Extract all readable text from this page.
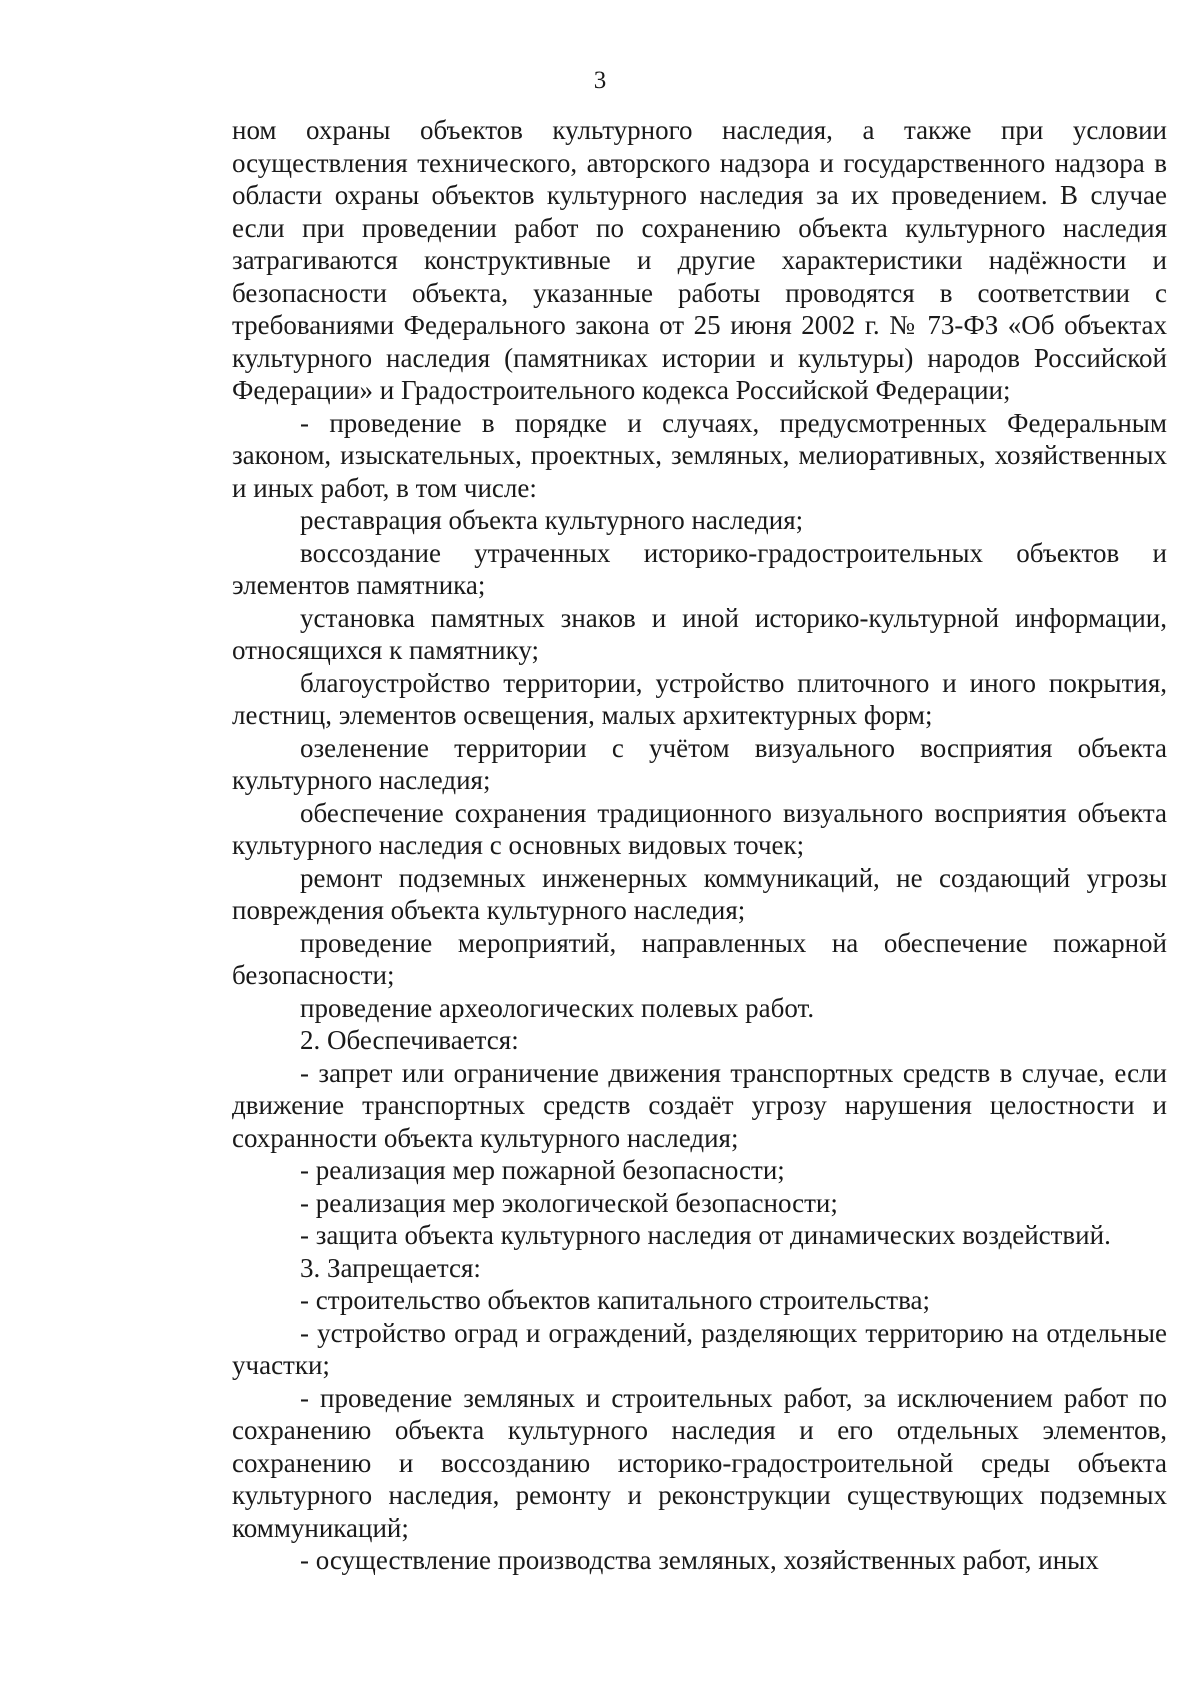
3

ном охраны объектов культурного наследия, а также при условии осуществления технического, авторского надзора и государственного надзора в области охраны объектов культурного наследия за их проведением. В случае если при проведении работ по сохранению объекта культурного наследия затрагиваются конструктивные и другие характеристики надёжности и безопасности объекта, указанные работы проводятся в соответствии с требованиями Федерального закона от 25 июня 2002 г. № 73-ФЗ «Об объектах культурного наследия (памятниках истории и культуры) народов Российской Федерации» и Градостроительного кодекса Российской Федерации;

- проведение в порядке и случаях, предусмотренных Федеральным законом, изыскательных, проектных, земляных, мелиоративных, хозяйственных и иных работ, в том числе:

реставрация объекта культурного наследия;

воссоздание утраченных историко-градостроительных объектов и элементов памятника;

установка памятных знаков и иной историко-культурной информации, относящихся к памятнику;

благоустройство территории, устройство плиточного и иного покрытия, лестниц, элементов освещения, малых архитектурных форм;

озеленение территории с учётом визуального восприятия объекта культурного наследия;

обеспечение сохранения традиционного визуального восприятия объекта культурного наследия с основных видовых точек;

ремонт подземных инженерных коммуникаций, не создающий угрозы повреждения объекта культурного наследия;

проведение мероприятий, направленных на обеспечение пожарной безопасности;

проведение археологических полевых работ.

2. Обеспечивается:

- запрет или ограничение движения транспортных средств в случае, если движение транспортных средств создаёт угрозу нарушения целостности и сохранности объекта культурного наследия;

- реализация мер пожарной безопасности;

- реализация мер экологической безопасности;

- защита объекта культурного наследия от динамических воздействий.

3. Запрещается:

- строительство объектов капитального строительства;

- устройство оград и ограждений, разделяющих территорию на отдельные участки;

- проведение земляных и строительных работ, за исключением работ по сохранению объекта культурного наследия и его отдельных элементов, сохранению и воссозданию историко-градостроительной среды объекта культурного наследия, ремонту и реконструкции существующих подземных коммуникаций;

- осуществление производства земляных, хозяйственных работ, иных
